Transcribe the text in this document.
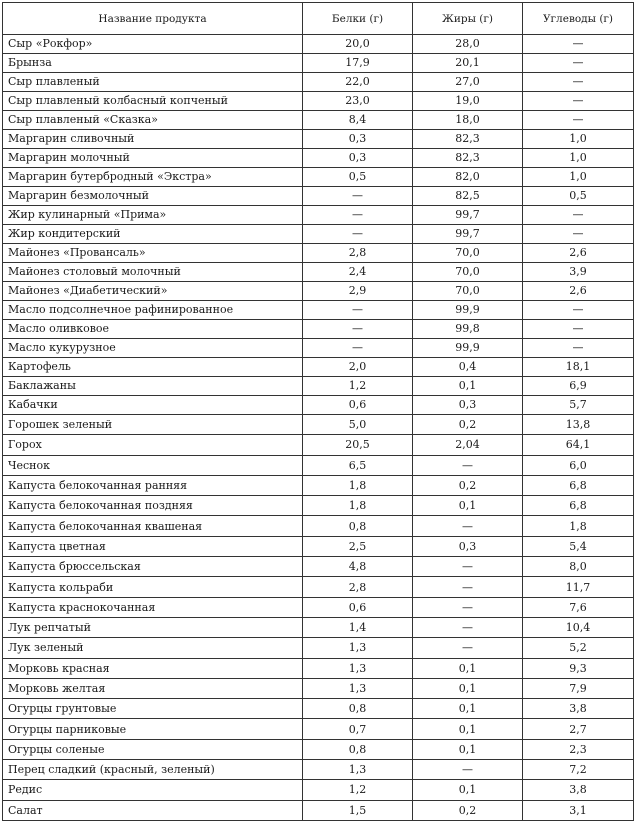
Название продукта	Белки (г)	Жиры (г)	Углеводы (г)
Сыр «Рокфор»	20,0	28,0	—
Брынза	17,9	20,1	—
Сыр плавленый	22,0	27,0	—
Сыр плавленый колбасный копченый	23,0	19,0	—
Сыр плавленый «Сказка»	8,4	18,0	—
Маргарин сливочный	0,3	82,3	1,0
Маргарин молочный	0,3	82,3	1,0
Маргарин бутербродный «Экстра»	0,5	82,0	1,0
Маргарин безмолочный	—	82,5	0,5
Жир кулинарный «Прима»	—	99,7	—
Жир кондитерский	—	99,7	—
Майонез «Провансаль»	2,8	70,0	2,6
Майонез столовый молочный	2,4	70,0	3,9
Майонез «Диабетический»	2,9	70,0	2,6
Масло подсолнечное рафинированное	—	99,9	—
Масло оливковое	—	99,8	—
Масло кукурузное	—	99,9	—
Картофель	2,0	0,4	18,1
Баклажаны	1,2	0,1	6,9
Кабачки	0,6	0,3	5,7
Горошек зеленый	5,0	0,2	13,8
Горох	20,5	2,04	64,1
Чеснок	6,5	—	6,0
Капуста белокочанная ранняя	1,8	0,2	6,8
Капуста белокочанная поздняя	1,8	0,1	6,8
Капуста белокочанная квашеная	0,8	—	1,8
Капуста цветная	2,5	0,3	5,4
Капуста брюссельская	4,8	—	8,0
Капуста кольраби	2,8	—	11,7
Капуста краснокочанная	0,6	—	7,6
Лук репчатый	1,4	—	10,4
Лук зеленый	1,3	—	5,2
Морковь красная	1,3	0,1	9,3
Морковь желтая	1,3	0,1	7,9
Огурцы грунтовые	0,8	0,1	3,8
Огурцы парниковые	0,7	0,1	2,7
Огурцы соленые	0,8	0,1	2,3
Перец сладкий (красный, зеленый)	1,3	—	7,2
Редис	1,2	0,1	3,8
Салат	1,5	0,2	3,1
